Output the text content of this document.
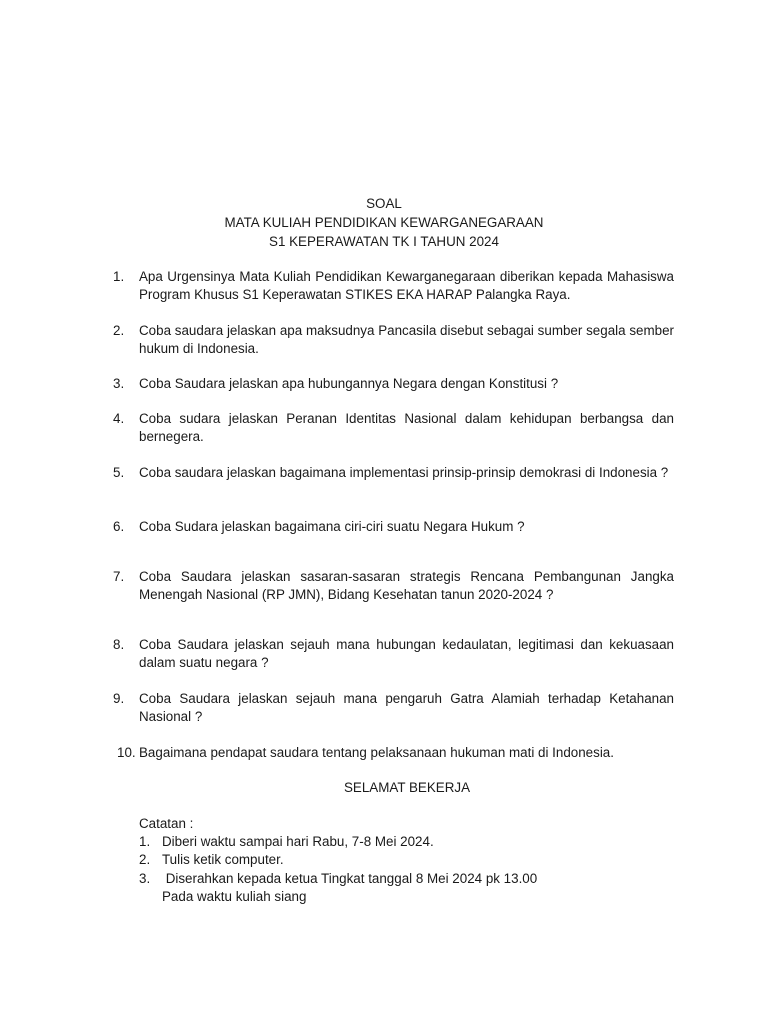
SOAL
MATA KULIAH PENDIDIKAN KEWARGANEGARAAN
S1 KEPERAWATAN TK I TAHUN 2024
1.	Apa Urgensinya Mata Kuliah Pendidikan Kewarganegaraan diberikan kepada Mahasiswa Program Khusus S1 Keperawatan STIKES EKA HARAP Palangka Raya.
2.	Coba saudara jelaskan apa maksudnya Pancasila disebut sebagai sumber segala sember hukum di Indonesia.
3.	Coba Saudara jelaskan apa hubungannya Negara dengan Konstitusi ?
4.	Coba sudara jelaskan Peranan Identitas Nasional dalam kehidupan berbangsa dan bernegera.
5.	Coba saudara jelaskan bagaimana implementasi prinsip-prinsip demokrasi di Indonesia ?
6.	Coba Sudara jelaskan bagaimana ciri-ciri suatu Negara Hukum ?
7.	Coba Saudara jelaskan sasaran-sasaran strategis Rencana Pembangunan Jangka Menengah Nasional (RP JMN), Bidang Kesehatan tanun 2020-2024 ?
8.	Coba Saudara jelaskan sejauh mana hubungan kedaulatan, legitimasi dan kekuasaan dalam suatu negara ?
9.	Coba Saudara jelaskan sejauh mana pengaruh Gatra Alamiah terhadap Ketahanan Nasional ?
10. Bagaimana pendapat saudara tentang pelaksanaan hukuman mati di Indonesia.
SELAMAT BEKERJA
Catatan :
1. Diberi waktu sampai hari Rabu, 7-8 Mei 2024.
2. Tulis ketik computer.
3. Diserahkan kepada ketua Tingkat tanggal 8 Mei 2024 pk 13.00
Pada waktu kuliah siang
